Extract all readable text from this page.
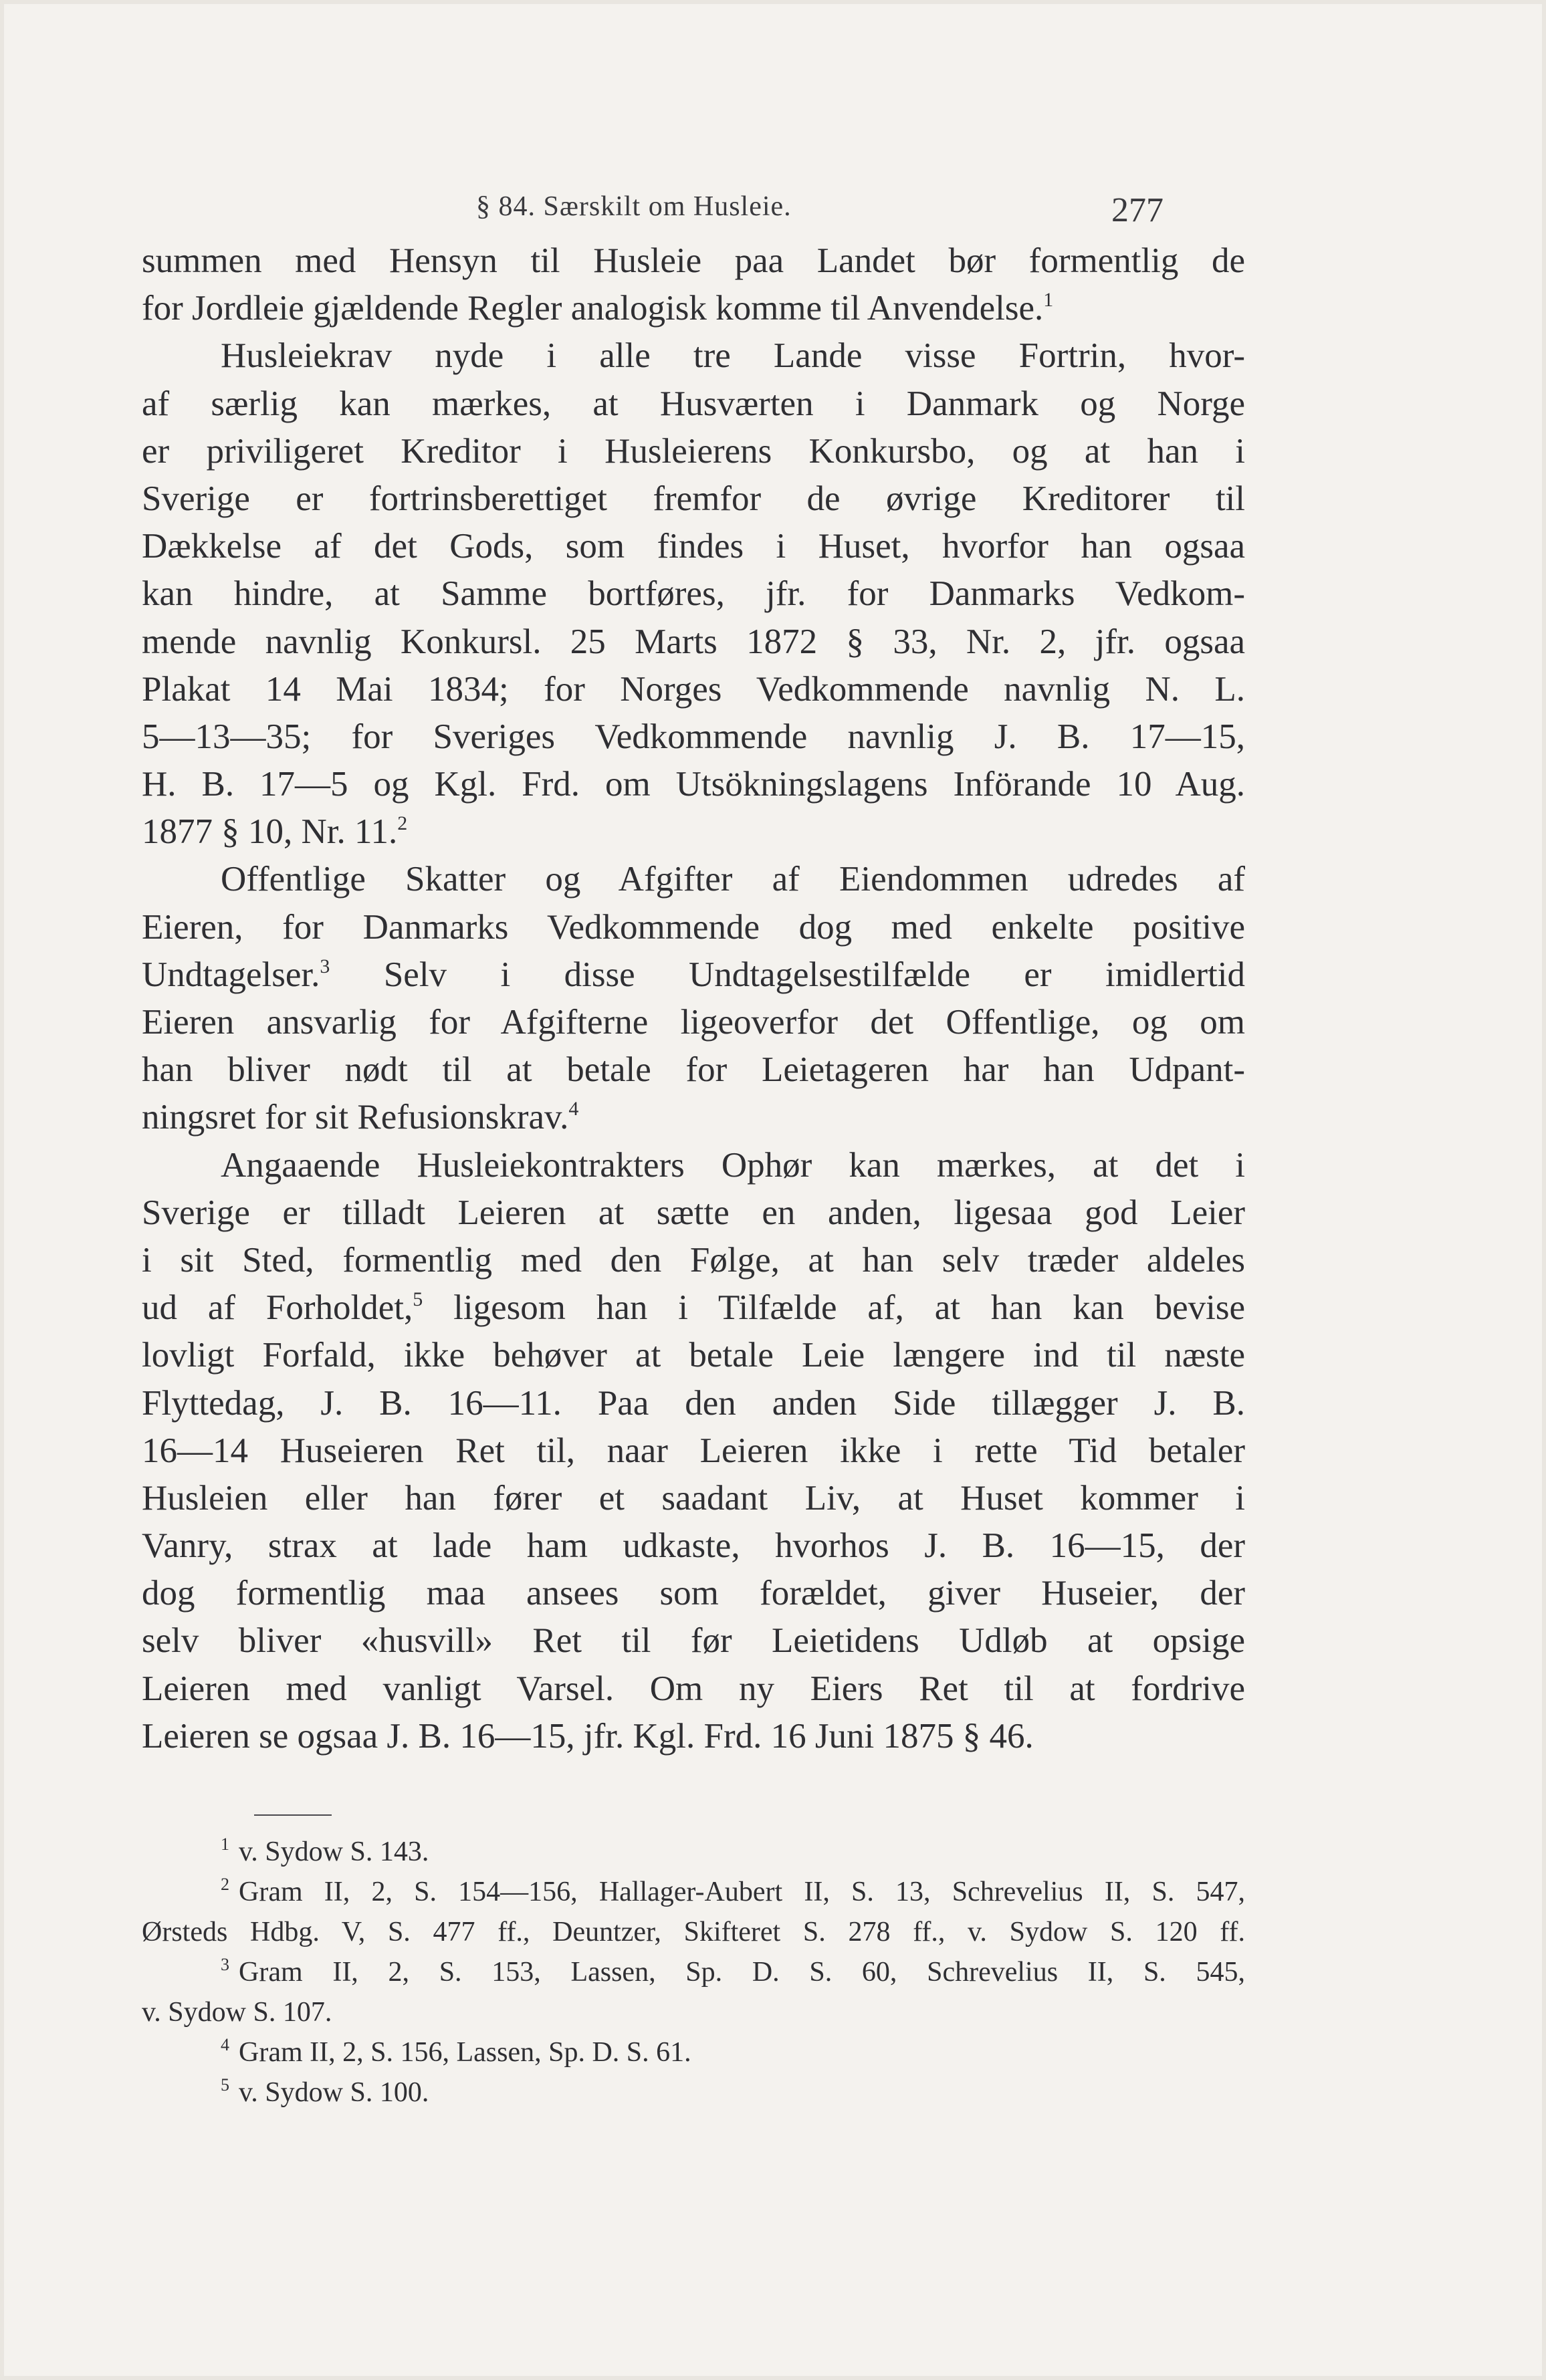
§ 84. Særskilt om Husleie.	277
summen med Hensyn til Husleie paa Landet bør formentlig de
for Jordleie gjældende Regler analogisk komme til Anvendelse.$^1$
Husleiekrav nyde i alle tre Lande visse Fortrin, hvor-
af særlig kan mærkes, at Husværten i Danmark og Norge
er priviligeret Kreditor i Husleierens Konkursbo, og at han i
Sverige er fortrinsberettiget fremfor de øvrige Kreditorer til
Dækkelse af det Gods, som findes i Huset, hvorfor han ogsaa
kan hindre, at Samme bortføres, jfr. for Danmarks Vedkom-
mende navnlig Konkursl. 25 Marts 1872 § 33, Nr. 2, jfr. ogsaa
Plakat 14 Mai 1834; for Norges Vedkommende navnlig N. L.
5—13—35; for Sveriges Vedkommende navnlig J. B. 17—15,
H. B. 17—5 og Kgl. Frd. om Utsökningslagens Införande 10 Aug.
1877 § 10, Nr. 11.$^2$
Offentlige Skatter og Afgifter af Eiendommen udredes af
Eieren, for Danmarks Vedkommende dog med enkelte positive
Undtagelser.$^3$ Selv i disse Undtagelsestilfælde er imidlertid
Eieren ansvarlig for Afgifterne ligeoverfor det Offentlige, og om
han bliver nødt til at betale for Leietageren har han Udpant-
ningsret for sit Refusionskrav.$^4$
Angaaende Husleiekontrakters Ophør kan mærkes, at det i
Sverige er tilladt Leieren at sætte en anden, ligesaa god Leier
i sit Sted, formentlig med den Følge, at han selv træder aldeles
ud af Forholdet,$^5$ ligesom han i Tilfælde af, at han kan bevise
lovligt Forfald, ikke behøver at betale Leie længere ind til næste
Flyttedag, J. B. 16—11. Paa den anden Side tillægger J. B.
16—14 Huseieren Ret til, naar Leieren ikke i rette Tid betaler
Husleien eller han fører et saadant Liv, at Huset kommer i
Vanry, strax at lade ham udkaste, hvorhos J. B. 16—15, der
dog formentlig maa ansees som forældet, giver Huseier, der
selv bliver «husvill» Ret til før Leietidens Udløb at opsige
Leieren med vanligt Varsel. Om ny Eiers Ret til at fordrive
Leieren se ogsaa J. B. 16—15, jfr. Kgl. Frd. 16 Juni 1875 § 46.
$^1$ v. Sydow S. 143.
$^2$ Gram II, 2, S. 154—156, Hallager-Aubert II, S. 13, Schrevelius II, S. 547,
Ørsteds Hdbg. V, S. 477 ff., Deuntzer, Skifteret S. 278 ff., v. Sydow S. 120 ff.
$^3$ Gram II, 2, S. 153, Lassen, Sp. D. S. 60, Schrevelius II, S. 545,
v. Sydow S. 107.
$^4$ Gram II, 2, S. 156, Lassen, Sp. D. S. 61.
$^5$ v. Sydow S. 100.
